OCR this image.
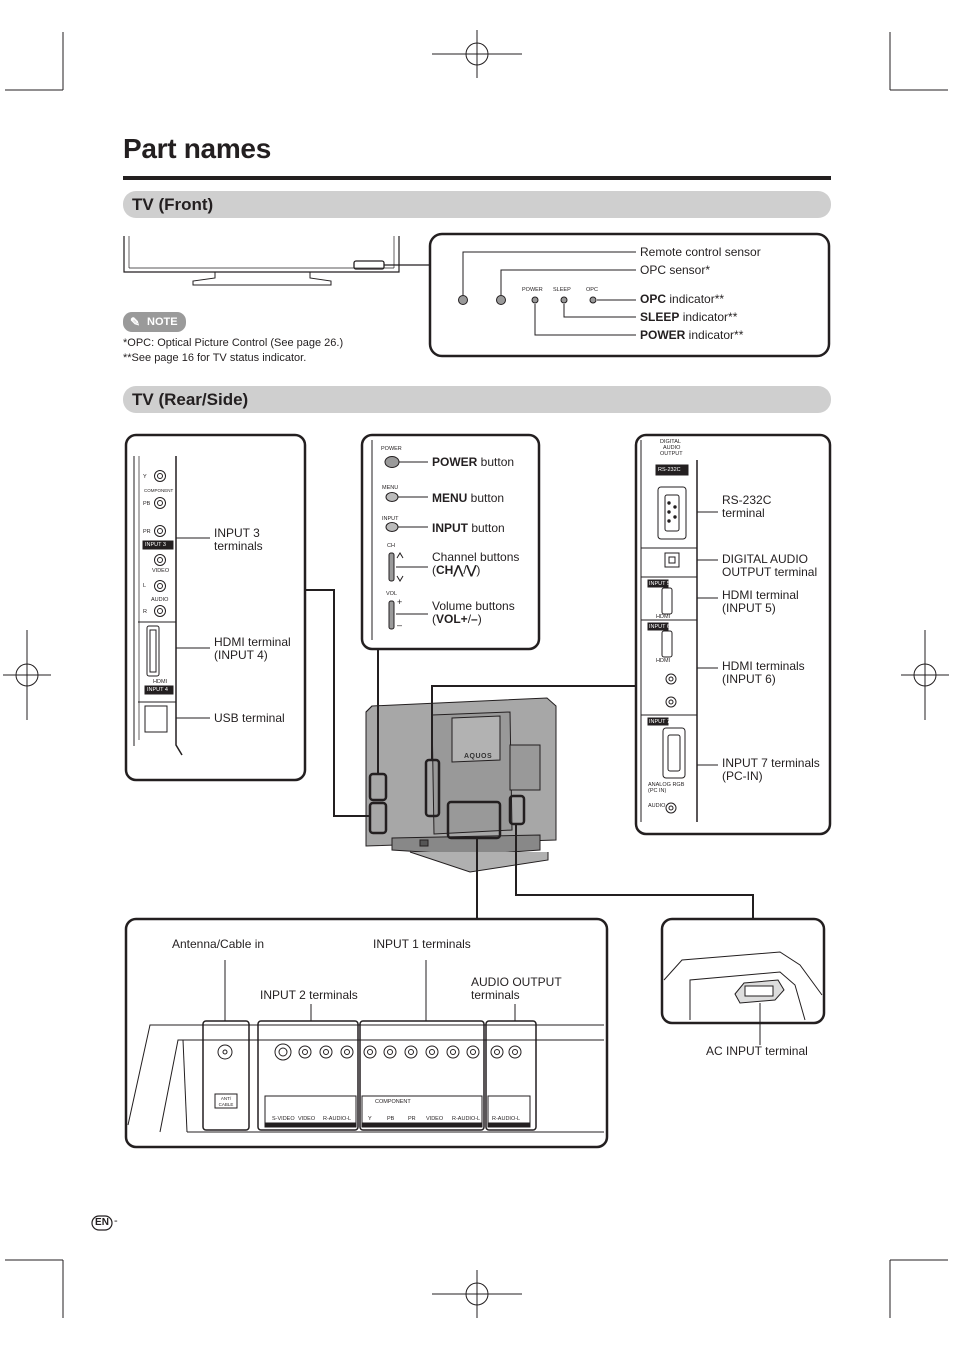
Part names
TV (Front)
TV (Rear/Side)
Remote control sensor
OPC sensor*
OPC indicator**
SLEEP indicator**
POWER indicator**
POWER SLEEP	OPC
✎ NOTE
*OPC: Optical Picture Control (See page 26.)
**See page 16 for TV status indicator.
INPUT 3
terminals
HDMI terminal
(INPUT 4)
USB terminal
Y
COMPONENT
PB
PR
INPUT 3
VIDEO
L
AUDIO
R
HDMI
INPUT 4
POWER button
MENU button
INPUT button
Channel buttons
(CH⋀/⋁)
Volume buttons
(VOL+/–)
POWER
MENU
INPUT
CH
VOL
+
–
DIGITAL
AUDIO
OUTPUT
RS-232C
INPUT 5
HDMI
INPUT 6
HDMI
INPUT 7
ANALOG RGB
(PC IN)
AUDIO
RS-232C
terminal
DIGITAL AUDIO
OUTPUT terminal
HDMI terminal
(INPUT 5)
HDMI terminals
(INPUT 6)
INPUT 7 terminals
(PC-IN)
AQUOS
Antenna/Cable in	INPUT 1 terminals
INPUT 2 terminals
AUDIO OUTPUT
terminals
ANT/ CABLE	COMPONENT
S-VIDEO VIDEO R-AUDIO-L	Y	PB PR VIDEO R-AUDIO-L R-AUDIO-L
AC INPUT terminal
EN -
